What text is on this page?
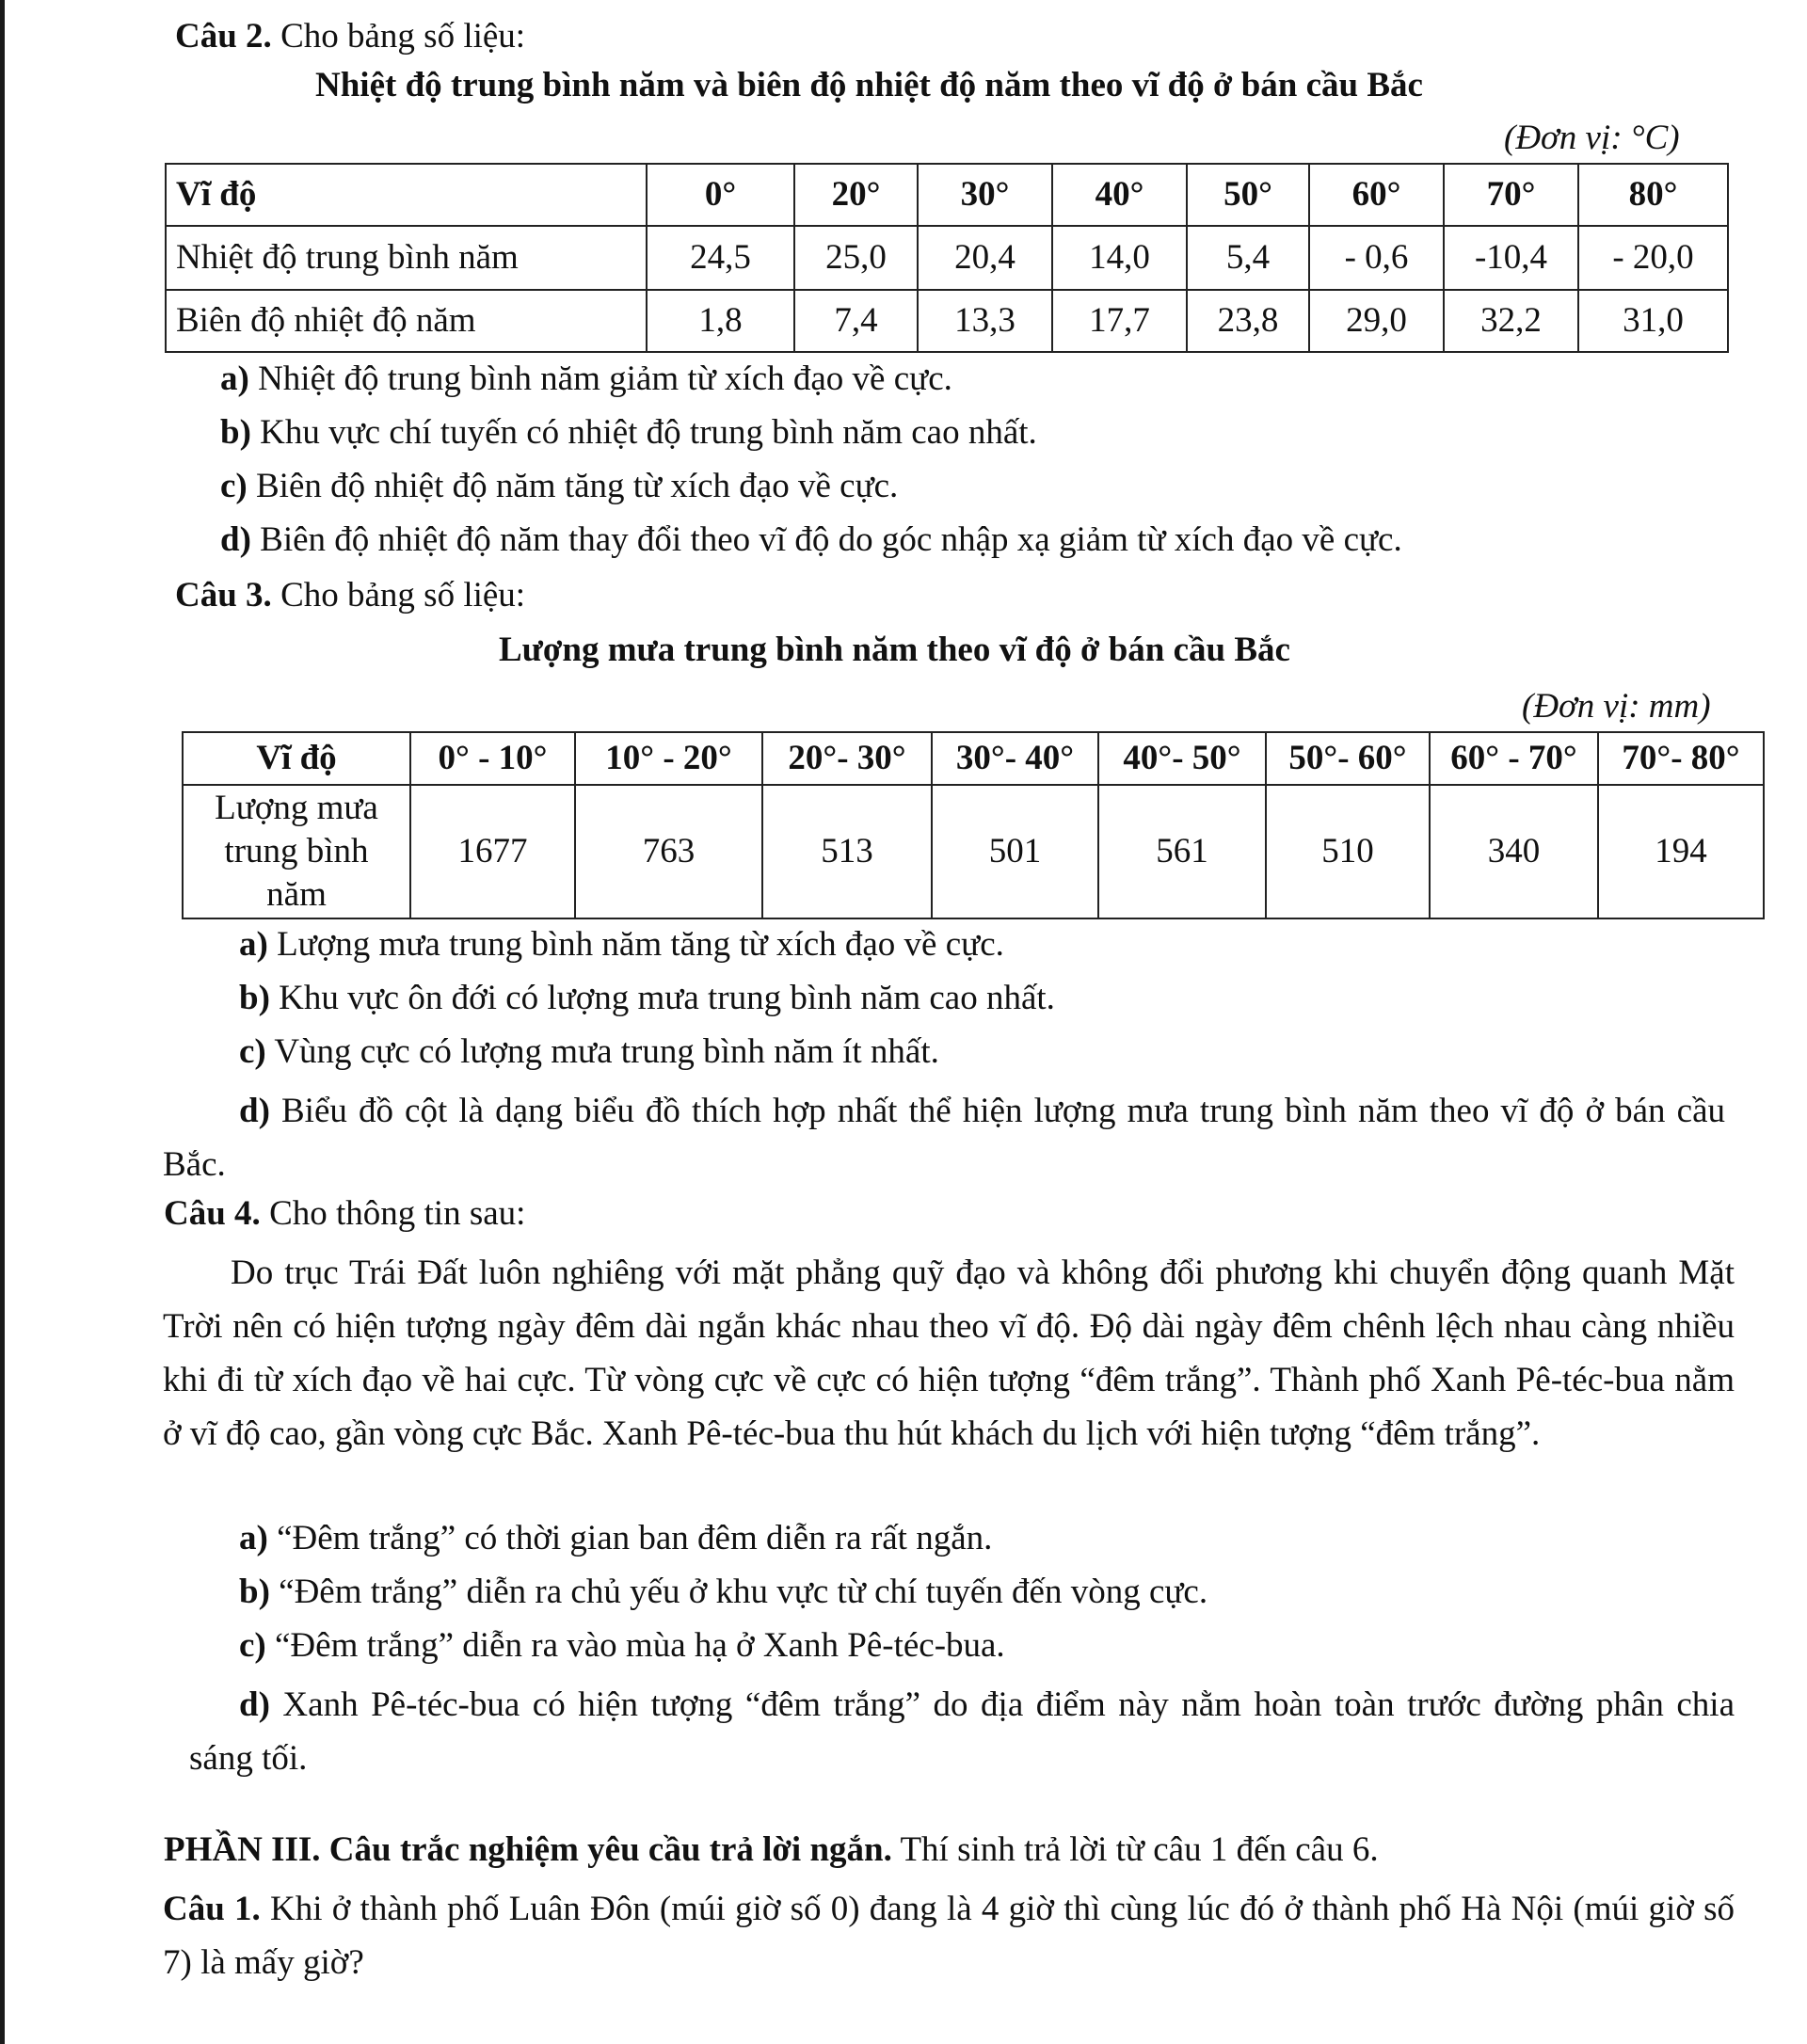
Câu 2. Cho bảng số liệu:
Nhiệt độ trung bình năm và biên độ nhiệt độ năm theo vĩ độ ở bán cầu Bắc
(Đơn vị: °C)
Vĩ độ	0°	20°	30°	40°	50°	60°	70°	80°
Nhiệt độ trung bình năm	24,5	25,0	20,4	14,0	5,4	- 0,6	-10,4	- 20,0
Biên độ nhiệt độ năm	1,8	7,4	13,3	17,7	23,8	29,0	32,2	31,0
a) Nhiệt độ trung bình năm giảm từ xích đạo về cực.
b) Khu vực chí tuyến có nhiệt độ trung bình năm cao nhất.
c) Biên độ nhiệt độ năm tăng từ xích đạo về cực.
d) Biên độ nhiệt độ năm thay đổi theo vĩ độ do góc nhập xạ giảm từ xích đạo về cực.
Câu 3. Cho bảng số liệu:
Lượng mưa trung bình năm theo vĩ độ ở bán cầu Bắc
(Đơn vị: mm)
Vĩ độ	0° - 10°	10° - 20°	20°- 30°	30°- 40°	40°- 50°	50°- 60°	60° - 70°	70°- 80°
Lượng mưa trung bình năm	1677	763	513	501	561	510	340	194
a) Lượng mưa trung bình năm tăng từ xích đạo về cực.
b) Khu vực ôn đới có lượng mưa trung bình năm cao nhất.
c) Vùng cực có lượng mưa trung bình năm ít nhất.
d) Biểu đồ cột là dạng biểu đồ thích hợp nhất thể hiện lượng mưa trung bình năm theo vĩ độ ở bán cầu Bắc.
Câu 4. Cho thông tin sau:
Do trục Trái Đất luôn nghiêng với mặt phẳng quỹ đạo và không đổi phương khi chuyển động quanh Mặt Trời nên có hiện tượng ngày đêm dài ngắn khác nhau theo vĩ độ. Độ dài ngày đêm chênh lệch nhau càng nhiều khi đi từ xích đạo về hai cực. Từ vòng cực về cực có hiện tượng “đêm trắng”. Thành phố Xanh Pê-téc-bua nằm ở vĩ độ cao, gần vòng cực Bắc. Xanh Pê-téc-bua thu hút khách du lịch với hiện tượng “đêm trắng”.
a) “Đêm trắng” có thời gian ban đêm diễn ra rất ngắn.
b) “Đêm trắng” diễn ra chủ yếu ở khu vực từ chí tuyến đến vòng cực.
c) “Đêm trắng” diễn ra vào mùa hạ ở Xanh Pê-téc-bua.
d) Xanh Pê-téc-bua có hiện tượng “đêm trắng” do địa điểm này nằm hoàn toàn trước đường phân chia sáng tối.
PHẦN III. Câu trắc nghiệm yêu cầu trả lời ngắn. Thí sinh trả lời từ câu 1 đến câu 6.
Câu 1. Khi ở thành phố Luân Đôn (múi giờ số 0) đang là 4 giờ thì cùng lúc đó ở thành phố Hà Nội (múi giờ số 7) là mấy giờ?
